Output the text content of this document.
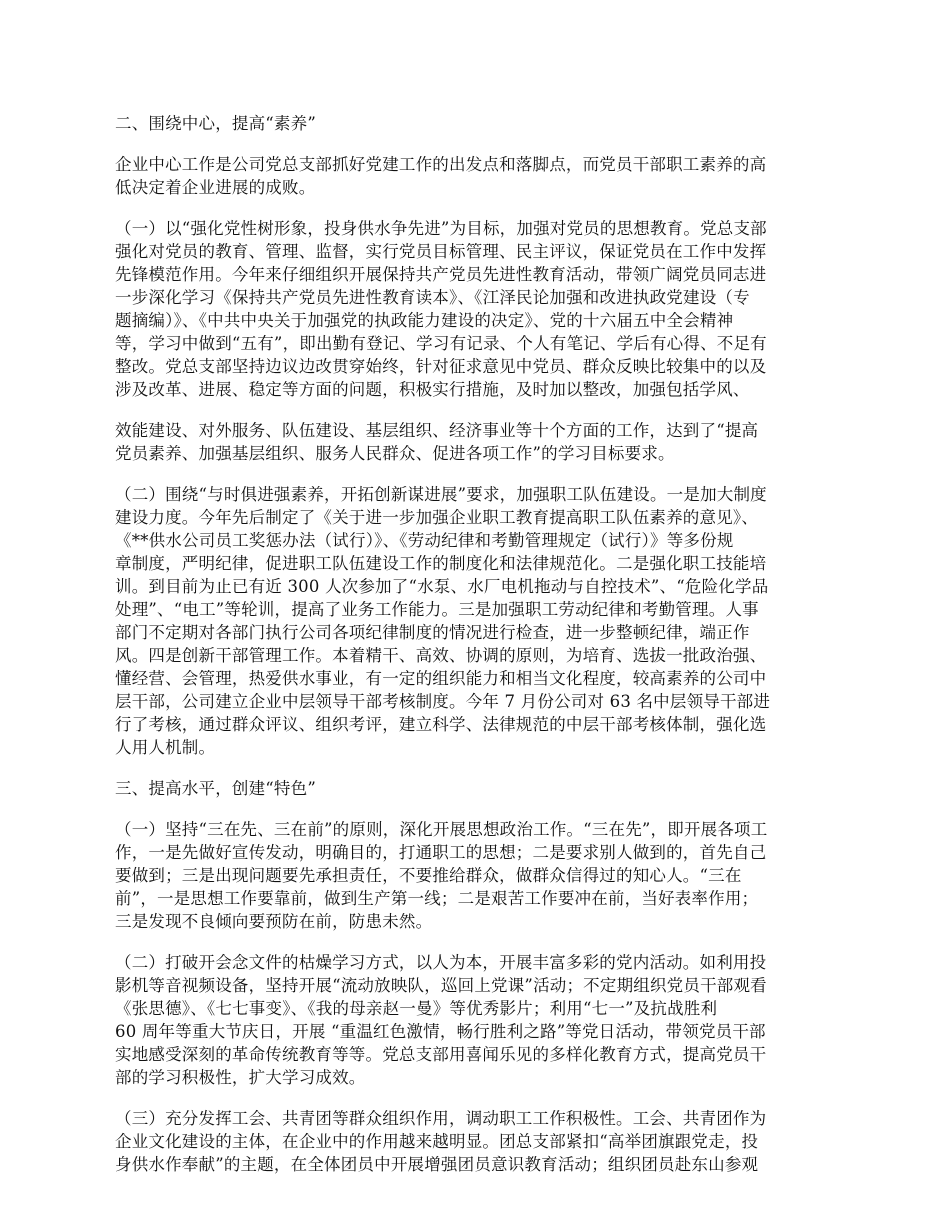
二、围绕中心，提高“素养”
企业中心工作是公司党总支部抓好党建工作的出发点和落脚点，而党员干部职工素养的高
低决定着企业进展的成败。
（一）以“强化党性树形象，投身供水争先进”为目标，加强对党员的思想教育。党总支部
强化对党员的教育、管理、监督，实行党员目标管理、民主评议，保证党员在工作中发挥
先锋模范作用。今年来仔细组织开展保持共产党员先进性教育活动，带领广阔党员同志进
一步深化学习《保持共产党员先进性教育读本》、《江泽民论加强和改进执政党建设（专
题摘编）》、《中共中央关于加强党的执政能力建设的决定》、党的十六届五中全会精神
等，学习中做到“五有”，即出勤有登记、学习有记录、个人有笔记、学后有心得、不足有
整改。党总支部坚持边议边改贯穿始终，针对征求意见中党员、群众反映比较集中的以及
涉及改革、进展、稳定等方面的问题，积极实行措施，及时加以整改，加强包括学风、
效能建设、对外服务、队伍建设、基层组织、经济事业等十个方面的工作，达到了“提高
党员素养、加强基层组织、服务人民群众、促进各项工作”的学习目标要求。
（二）围绕“与时俱进强素养，开拓创新谋进展”要求，加强职工队伍建设。一是加大制度
建设力度。今年先后制定了《关于进一步加强企业职工教育提高职工队伍素养的意见》、
《**供水公司员工奖惩办法（试行）》、《劳动纪律和考勤管理规定（试行）》等多份规
章制度，严明纪律，促进职工队伍建设工作的制度化和法律规范化。二是强化职工技能培
训。到目前为止已有近 300 人次参加了“水泵、水厂电机拖动与自控技术”、“危险化学品
处理”、“电工”等轮训，提高了业务工作能力。三是加强职工劳动纪律和考勤管理。人事
部门不定期对各部门执行公司各项纪律制度的情况进行检查，进一步整顿纪律，端正作
风。四是创新干部管理工作。本着精干、高效、协调的原则，为培育、选拔一批政治强、
懂经营、会管理，热爱供水事业，有一定的组织能力和相当文化程度，较高素养的公司中
层干部，公司建立企业中层领导干部考核制度。今年 7 月份公司对 63 名中层领导干部进
行了考核，通过群众评议、组织考评，建立科学、法律规范的中层干部考核体制，强化选
人用人机制。
三、提高水平，创建“特色”
（一）坚持“三在先、三在前”的原则，深化开展思想政治工作。“三在先”，即开展各项工
作，一是先做好宣传发动，明确目的，打通职工的思想；二是要求别人做到的，首先自己
要做到；三是出现问题要先承担责任，不要推给群众，做群众信得过的知心人。“三在
前”，一是思想工作要靠前，做到生产第一线；二是艰苦工作要冲在前，当好表率作用；
三是发现不良倾向要预防在前，防患未然。
（二）打破开会念文件的枯燥学习方式，以人为本，开展丰富多彩的党内活动。如利用投
影机等音视频设备，坚持开展“流动放映队，巡回上党课”活动；不定期组织党员干部观看
《张思德》、《七七事变》、《我的母亲赵一曼》等优秀影片；利用“七一”及抗战胜利
60 周年等重大节庆日，开展 “重温红色激情，畅行胜利之路”等党日活动，带领党员干部
实地感受深刻的革命传统教育等等。党总支部用喜闻乐见的多样化教育方式，提高党员干
部的学习积极性，扩大学习成效。
（三）充分发挥工会、共青团等群众组织作用，调动职工工作积极性。工会、共青团作为
企业文化建设的主体，在企业中的作用越来越明显。团总支部紧扣“高举团旗跟党走，投
身供水作奉献”的主题，在全体团员中开展增强团员意识教育活动；组织团员赴东山参观
